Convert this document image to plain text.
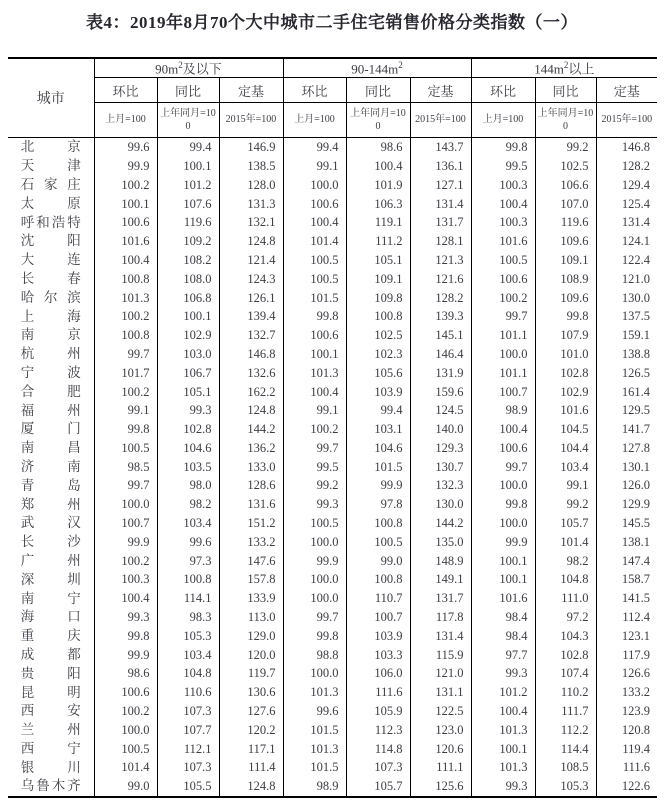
表4：2019年8月70个大中城市二手住宅销售价格分类指数（一）
城市	$90m^2$及以下			$90-144m^2$			$144m^2$以上		
	环比	同比	定基	环比	同比	定基	环比	同比	定基
	上月=100	上年同月=100	2015年=100	上月=100	上年同月=100	2015年=100	上月=100	上年同月=100	2015年=100
北京	99.6	99.4	146.9	99.4	98.6	143.7	99.8	99.2	146.8
天津	99.9	100.1	138.5	99.1	100.4	136.1	99.5	102.5	128.2
石家庄	100.2	101.2	128.0	100.0	101.9	127.1	100.3	106.6	129.4
太原	100.1	107.6	131.3	100.6	106.3	131.4	100.4	107.0	125.4
呼和浩特	100.6	119.6	132.1	100.4	119.1	131.7	100.3	119.6	131.4
沈阳	101.6	109.2	124.8	101.4	111.2	128.1	101.6	109.6	124.1
大连	100.4	108.2	121.4	100.5	105.1	121.3	100.5	109.1	122.4
长春	100.8	108.0	124.3	100.5	109.1	121.6	100.6	108.9	121.0
哈尔滨	101.3	106.8	126.1	101.5	109.8	128.2	100.2	109.6	130.0
上海	100.2	100.1	139.4	99.8	100.8	139.3	99.7	99.8	137.5
南京	100.8	102.9	132.7	100.6	102.5	145.1	101.1	107.9	159.1
杭州	99.7	103.0	146.8	100.1	102.3	146.4	100.0	101.0	138.8
宁波	101.7	106.7	132.6	101.3	105.6	131.9	101.1	102.8	126.5
合肥	100.2	105.1	162.2	100.4	103.9	159.6	100.7	102.9	161.4
福州	99.1	99.3	124.8	99.1	99.4	124.5	98.9	101.6	129.5
厦门	99.8	102.8	144.2	100.2	103.1	140.0	100.4	104.5	141.7
南昌	100.5	104.6	136.2	99.7	104.6	129.3	100.6	104.4	127.8
济南	98.5	103.5	133.0	99.5	101.5	130.7	99.7	103.4	130.1
青岛	99.7	98.0	128.6	99.2	99.9	132.3	100.0	99.1	126.0
郑州	100.0	98.2	131.6	99.3	97.8	130.0	99.8	99.2	129.9
武汉	100.7	103.4	151.2	100.5	100.8	144.2	100.0	105.7	145.5
长沙	99.9	99.6	133.2	100.0	100.5	135.0	99.9	101.4	138.1
广州	100.2	97.3	147.6	99.9	99.0	148.9	100.1	98.2	147.4
深圳	100.3	100.8	157.8	100.0	100.8	149.1	100.1	104.8	158.7
南宁	100.4	114.1	133.9	100.0	110.7	131.7	101.6	111.0	141.5
海口	99.3	98.3	113.0	99.7	100.7	117.8	98.4	97.2	112.4
重庆	99.8	105.3	129.0	99.8	103.9	131.4	98.4	104.3	123.1
成都	99.9	103.4	120.0	98.8	103.3	115.9	97.7	102.8	117.9
贵阳	98.6	104.8	119.7	100.0	106.0	121.0	99.3	107.4	126.6
昆明	100.6	110.6	130.6	101.3	111.6	131.1	101.2	110.2	133.2
西安	100.2	107.3	127.6	99.6	105.9	122.5	100.4	111.7	123.9
兰州	100.0	107.7	120.2	101.5	112.3	123.0	101.3	112.2	120.8
西宁	100.5	112.1	117.1	101.3	114.8	120.6	100.1	114.4	119.4
银川	101.4	107.3	111.4	101.5	107.3	111.1	101.3	108.5	111.6
乌鲁木齐	99.0	105.5	124.8	98.9	105.7	125.6	99.3	105.3	122.6
